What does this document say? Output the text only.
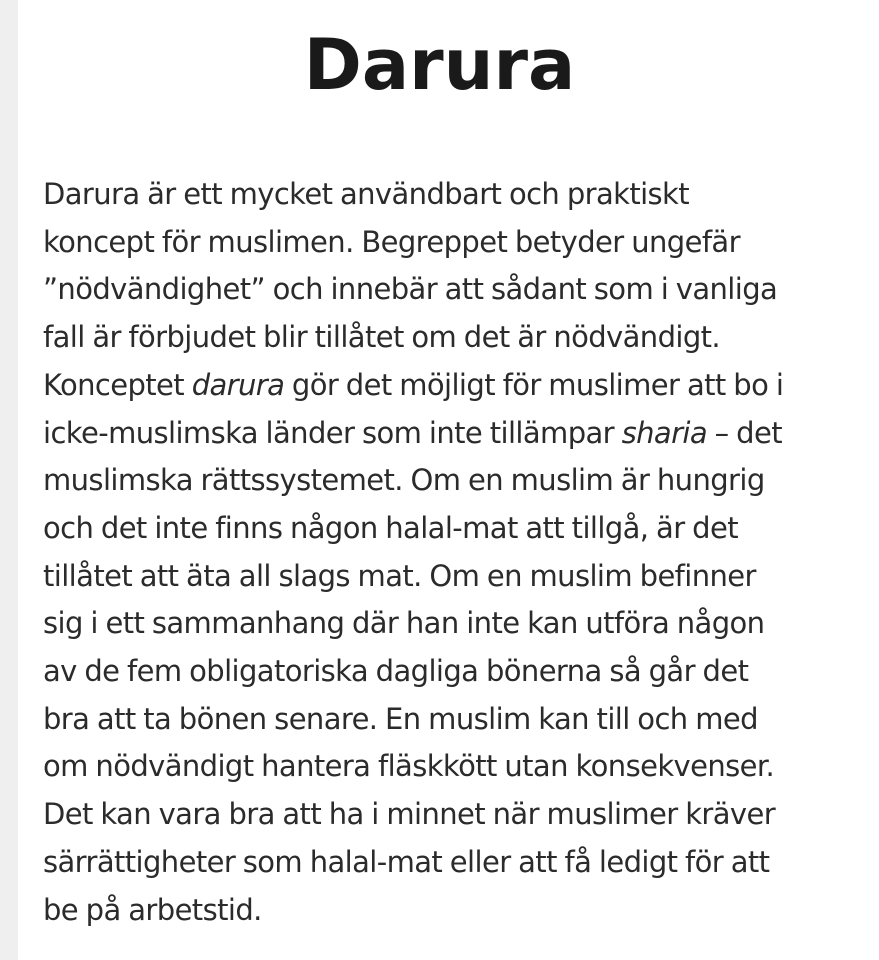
Darura

Darura är ett mycket användbart och praktiskt
koncept för muslimen. Begreppet betyder ungefär
”nödvändighet” och innebär att sådant som i vanliga
fall är förbjudet blir tillåtet om det är nödvändigt.
Konceptet darura gör det möjligt för muslimer att bo i
icke-muslimska länder som inte tillämpar sharia – det
muslimska rättssystemet. Om en muslim är hungrig
och det inte finns någon halal-mat att tillgå, är det
tillåtet att äta all slags mat. Om en muslim befinner
sig i ett sammanhang där han inte kan utföra någon
av de fem obligatoriska dagliga bönerna så går det
bra att ta bönen senare. En muslim kan till och med
om nödvändigt hantera fläskkött utan konsekvenser.
Det kan vara bra att ha i minnet när muslimer kräver
särrättigheter som halal-mat eller att få ledigt för att
be på arbetstid.
